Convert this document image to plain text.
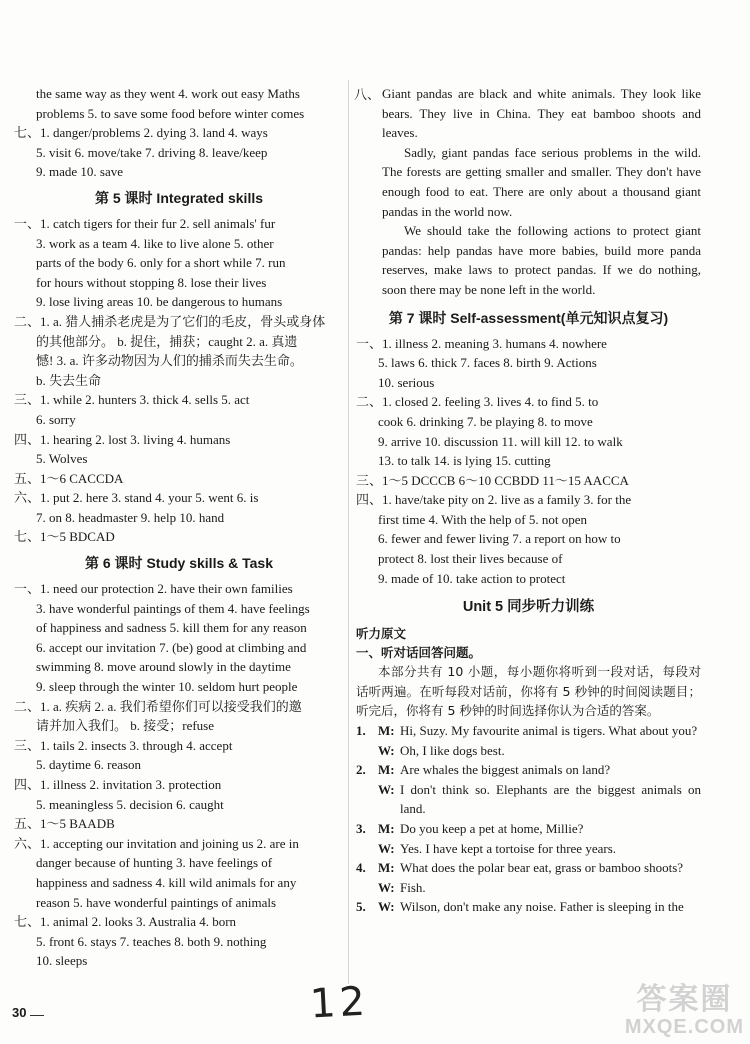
the same way as they went 4. work out easy Maths
problems 5. to save some food before winter comes
七、1. danger/problems 2. dying 3. land 4. ways
5. visit 6. move/take 7. driving 8. leave/keep
9. made 10. save
第 5 课时 Integrated skills
一、1. catch tigers for their fur 2. sell animals' fur
3. work as a team 4. like to live alone 5. other
parts of the body 6. only for a short while 7. run
for hours without stopping 8. lose their lives
9. lose living areas 10. be dangerous to humans
二、1. a. 猎人捕杀老虎是为了它们的毛皮，骨头或身体
的其他部分。 b. 捉住，捕获；caught 2. a. 真遗
憾! 3. a. 许多动物因为人们的捕杀而失去生命。
b. 失去生命
三、1. while 2. hunters 3. thick 4. sells 5. act
6. sorry
四、1. hearing 2. lost 3. living 4. humans
5. Wolves
五、1～6 CACCDA
六、1. put 2. here 3. stand 4. your 5. went 6. is
7. on 8. headmaster 9. help 10. hand
七、1～5 BDCAD
第 6 课时 Study skills & Task
一、1. need our protection 2. have their own families
3. have wonderful paintings of them 4. have feelings
of happiness and sadness 5. kill them for any reason
6. accept our invitation 7. (be) good at climbing and
swimming 8. move around slowly in the daytime
9. sleep through the winter 10. seldom hurt people
二、1. a. 疾病 2. a. 我们希望你们可以接受我们的邀
请并加入我们。 b. 接受；refuse
三、1. tails 2. insects 3. through 4. accept
5. daytime 6. reason
四、1. illness 2. invitation 3. protection
5. meaningless 5. decision 6. caught
五、1～5 BAADB
六、1. accepting our invitation and joining us 2. are in
danger because of hunting 3. have feelings of
happiness and sadness 4. kill wild animals for any
reason 5. have wonderful paintings of animals
七、1. animal 2. looks 3. Australia 4. born
5. front 6. stays 7. teaches 8. both 9. nothing
10. sleeps
八、 Giant pandas are black and white animals. They look like bears. They live in China. They eat bamboo shoots and leaves.
Sadly, giant pandas face serious problems in the wild. The forests are getting smaller and smaller. They don't have enough food to eat. There are only about a thousand giant pandas in the world now.
We should take the following actions to protect giant pandas: help pandas have more babies, build more panda reserves, make laws to protect pandas. If we do nothing, soon there may be none left in the world.
第 7 课时 Self-assessment(单元知识点复习)
一、1. illness 2. meaning 3. humans 4. nowhere
5. laws 6. thick 7. faces 8. birth 9. Actions
10. serious
二、1. closed 2. feeling 3. lives 4. to find 5. to
cook 6. drinking 7. be playing 8. to move
9. arrive 10. discussion 11. will kill 12. to walk
13. to talk 14. is lying 15. cutting
三、1～5 DCCCB 6～10 CCBDD 11～15 AACCA
四、1. have/take pity on 2. live as a family 3. for the
first time 4. With the help of 5. not open
6. fewer and fewer living 7. a report on how to
protect 8. lost their lives because of
9. made of 10. take action to protect
Unit 5 同步听力训练
听力原文
一、听对话回答问题。
本部分共有 10 小题，每小题你将听到一段对话，每段对话听两遍。在听每段对话前，你将有 5 秒钟的时间阅读题目；听完后，你将有 5 秒钟的时间选择你认为合适的答案。
1. M: Hi, Suzy. My favourite animal is tigers. What about you?
W: Oh, I like dogs best.
2. M: Are whales the biggest animals on land?
W: I don't think so. Elephants are the biggest animals on land.
3. M: Do you keep a pet at home, Millie?
W: Yes. I have kept a tortoise for three years.
4. M: What does the polar bear eat, grass or bamboo shoots?
W: Fish.
5. W: Wilson, don't make any noise. Father is sleeping in the
30	12	答案圈
MXQE.COM
